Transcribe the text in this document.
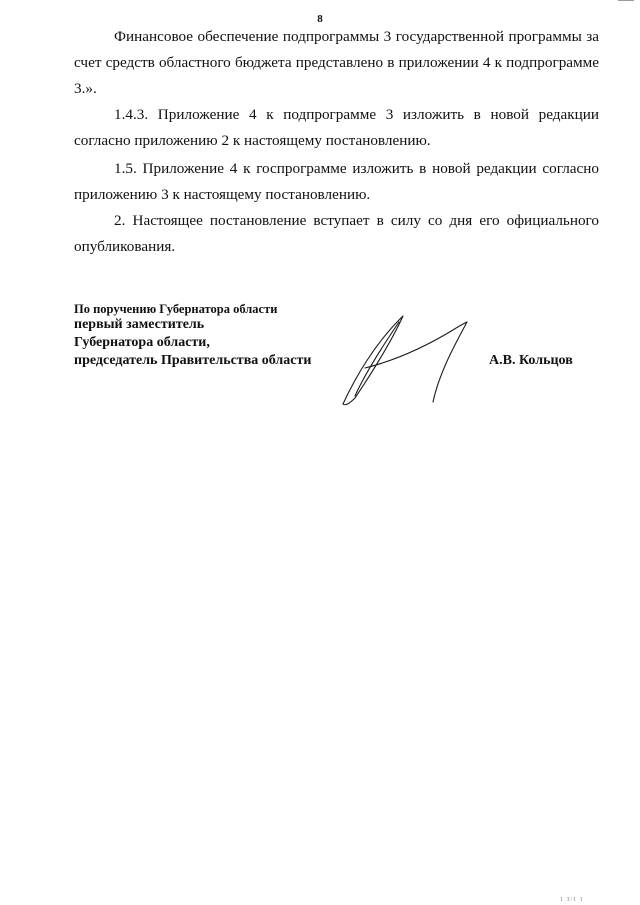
8

Финансовое обеспечение подпрограммы 3 государственной программы за счет средств областного бюджета представлено в приложении 4 к подпрограмме 3.».

1.4.3. Приложение 4 к подпрограмме 3 изложить в новой редакции согласно приложению 2 к настоящему постановлению.

1.5. Приложение 4 к госпрограмме изложить в новой редакции согласно приложению 3 к настоящему постановлению.

2. Настоящее постановление вступает в силу со дня его официального опубликования.

По поручению Губернатора области

первый заместитель

Губернатора области,

председатель Правительства области	А.В. Кольцов

1 3/1 1
